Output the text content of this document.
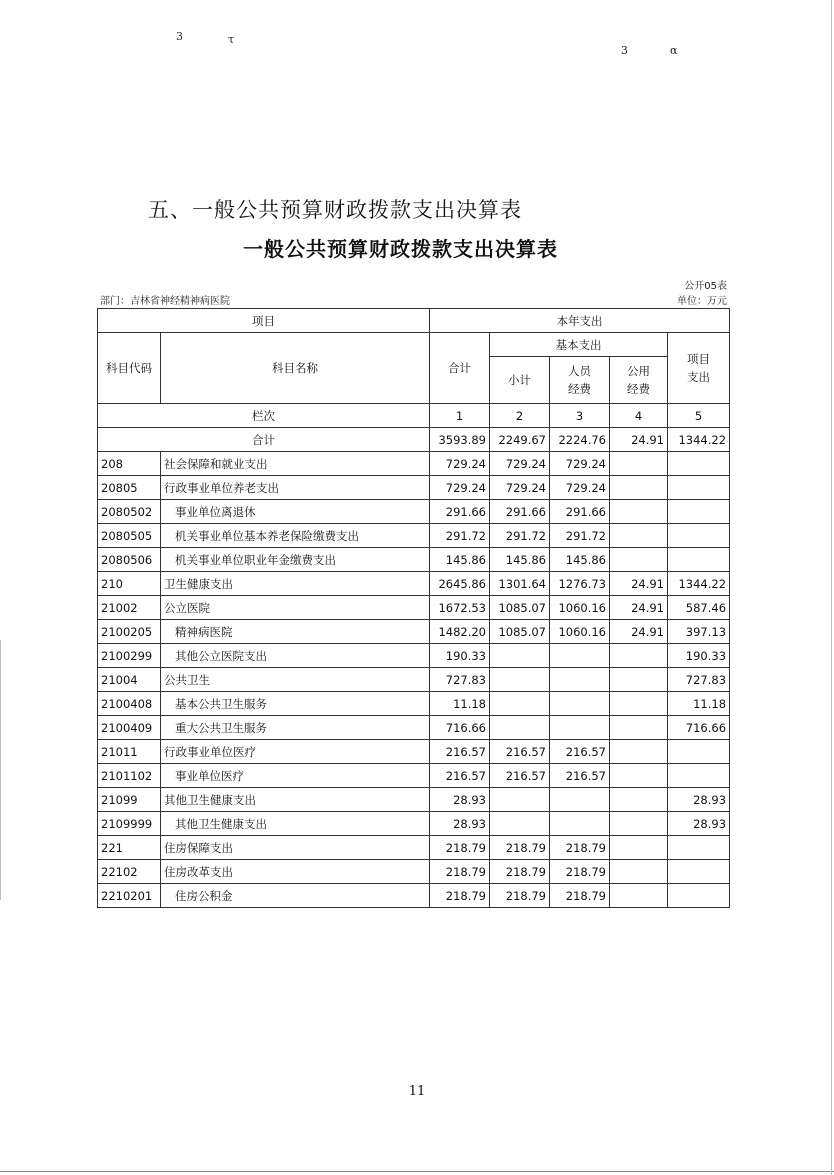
3	τ
3	α
五、一般公共预算财政拨款支出决算表
一般公共预算财政拨款支出决算表
公开05表
部门：吉林省神经精神病医院	单位：万元
项目		本年支出				
科目代码	科目名称	合计	基本支出			项目支出
			小计	人员经费	公用经费	
栏次		1	2	3	4	5
合计		3593.89	2249.67	2224.76	24.91	1344.22
208	社会保障和就业支出	729.24	729.24	729.24		
20805	行政事业单位养老支出	729.24	729.24	729.24		
2080502	事业单位离退休	291.66	291.66	291.66		
2080505	机关事业单位基本养老保险缴费支出	291.72	291.72	291.72		
2080506	机关事业单位职业年金缴费支出	145.86	145.86	145.86		
210	卫生健康支出	2645.86	1301.64	1276.73	24.91	1344.22
21002	公立医院	1672.53	1085.07	1060.16	24.91	587.46
2100205	精神病医院	1482.20	1085.07	1060.16	24.91	397.13
2100299	其他公立医院支出	190.33				190.33
21004	公共卫生	727.83				727.83
2100408	基本公共卫生服务	11.18				11.18
2100409	重大公共卫生服务	716.66				716.66
21011	行政事业单位医疗	216.57	216.57	216.57		
2101102	事业单位医疗	216.57	216.57	216.57		
21099	其他卫生健康支出	28.93				28.93
2109999	其他卫生健康支出	28.93				28.93
221	住房保障支出	218.79	218.79	218.79		
22102	住房改革支出	218.79	218.79	218.79		
2210201	住房公积金	218.79	218.79	218.79		
11
